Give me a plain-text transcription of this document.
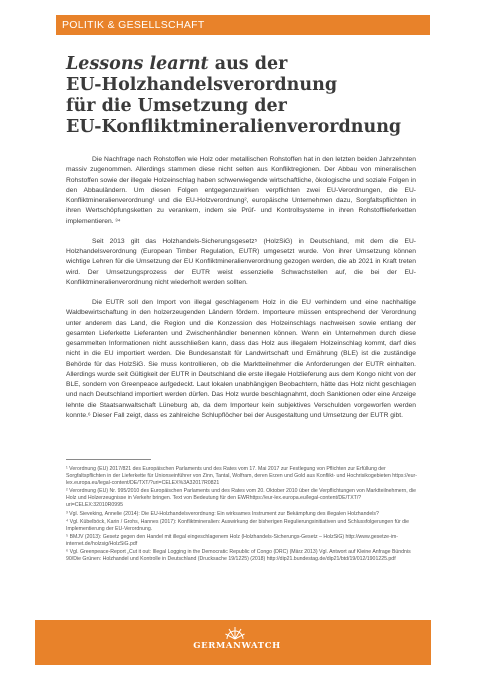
POLITIK & GESELLSCHAFT
Lessons learnt aus der
EU-Holzhandelsverordnung
für die Umsetzung der
EU-Konfliktmineralienverordnung

Die Nachfrage nach Rohstoffen wie Holz oder metallischen Rohstoffen hat in den letzten beiden Jahrzehnten massiv zugenommen. Allerdings stammen diese nicht selten aus Konfliktregionen. Der Abbau von mineralischen Rohstoffen sowie der illegale Holzeinschlag haben schwerwiegende wirtschaftliche, ökologische und soziale Folgen in den Abbauländern. Um diesen Folgen entgegenzuwirken verpflichten zwei EU-Verordnungen, die EU-Konfliktmineralienverordnung¹ und die EU-Holzverordnung², europäische Unternehmen dazu, Sorgfaltspflichten in ihren Wertschöpfungsketten zu verankern, indem sie Prüf- und Kontrollsysteme in ihren Rohstofflieferketten implementieren. ³⁴

Seit 2013 gilt das Holzhandels-Sicherungsgesetz⁵ (HolzSiG) in Deutschland, mit dem die EU-Holzhandelsverordnung (European Timber Regulation, EUTR) umgesetzt wurde. Von ihrer Umsetzung können wichtige Lehren für die Umsetzung der EU Konfliktmineralienverordnung gezogen werden, die ab 2021 in Kraft treten wird. Der Umsetzungsprozess der EUTR weist essenzielle Schwachstellen auf, die bei der EU-Konfliktmineralienverordnung nicht wiederholt werden sollten.

Die EUTR soll den Import von illegal geschlagenem Holz in die EU verhindern und eine nachhaltige Waldbewirtschaftung in den holzerzeugenden Ländern fördern. Importeure müssen entsprechend der Verordnung unter anderem das Land, die Region und die Konzession des Holzeinschlags nachweisen sowie entlang der gesamten Lieferkette Lieferanten und Zwischenhändler benennen können. Wenn ein Unternehmen durch diese gesammelten Informationen nicht ausschließen kann, dass das Holz aus illegalem Holzeinschlag kommt, darf dies nicht in die EU importiert werden. Die Bundesanstalt für Landwirtschaft und Ernährung (BLE) ist die zuständige Behörde für das HolzSiG. Sie muss kontrollieren, ob die Marktteilnehmer die Anforderungen der EUTR einhalten. Allerdings wurde seit Gültigkeit der EUTR in Deutschland die erste illegale Holzlieferung aus dem Kongo nicht von der BLE, sondern von Greenpeace aufgedeckt. Laut lokalen unabhängigen Beobachtern, hätte das Holz nicht geschlagen und nach Deutschland importiert werden dürfen. Das Holz wurde beschlagnahmt, doch Sanktionen oder eine Anzeige lehnte die Staatsanwaltschaft Lüneburg ab, da dem Importeur kein subjektives Verschulden vorgeworfen werden konnte.⁶ Dieser Fall zeigt, dass es zahlreiche Schlupflöcher bei der Ausgestaltung und Umsetzung der EUTR gibt.

¹ Verordnung (EU) 2017/821 des Europäischen Parlaments und des Rates vom 17. Mai 2017 zur Festlegung von Pflichten zur Erfüllung der Sorgfaltspflichten in der Lieferkette für Unionseinführer von Zinn, Tantal, Wolfram, deren Erzen und Gold aus Konflikt- und Hochrisikogebieten https://eur-lex.europa.eu/legal-content/DE/TXT/?uri=CELEX%3A32017R0821
² Verordnung (EU) Nr. 995/2010 des Europäischen Parlaments und des Rates vom 20. Oktober 2010 über die Verpflichtungen von Marktteilnehmern, die Holz und Holzerzeugnisse in Verkehr bringen. Text von Bedeutung für den EWRhttps://eur-lex.europa.eu/legal-content/DE/TXT/?uri=CELEX:32010R0995
³ Vgl. Sieveking, Annelie (2014): Die EU-Holzhandelsverordnung: Ein wirksames Instrument zur Bekämpfung des illegalen Holzhandels?
⁴ Vgl. Kübelböck, Karin / Grohs, Hannes (2017): Konfliktmineralien: Auswirkung der bisherigen Regulierungsinitiativen und Schlussfolgerungen für die Implementierung der EU-Verordnung.
⁵ BMJV (2013): Gesetz gegen den Handel mit illegal eingeschlagenem Holz (Holzhandels-Sicherungs-Gesetz – HolzSiG) http://www.gesetze-im-internet.de/holzsig/HolzSiG.pdf
⁶ Vgl. Greenpeace-Report „Cut it out: Illegal Logging in the Democratic Republic of Congo (DRC) (März 2013) Vgl. Antwort auf Kleine Anfrage Bündnis 90/Die Grünen: Holzhandel und Kontrolle in Deutschland (Drucksache 19/1225) (2018) http://dip21.bundestag.de/dip21/btd/19/012/1901225.pdf
GERMANWATCH
